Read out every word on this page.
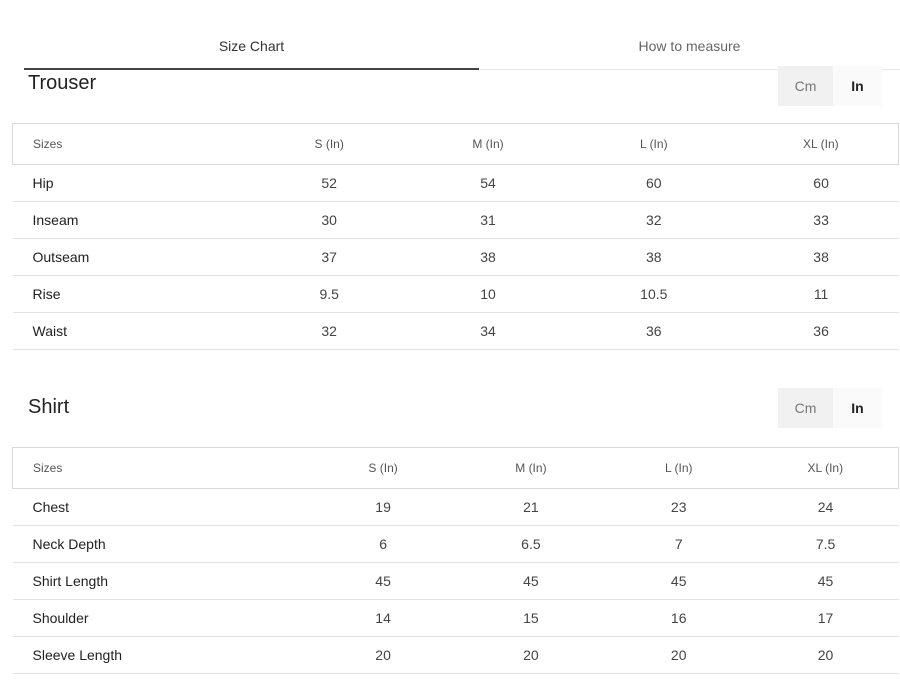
Size Chart	How to measure
Trouser	Cm	In
Sizes	S (In)	M (In)	L (In)	XL (In)
Hip	52	54	60	60
Inseam	30	31	32	33
Outseam	37	38	38	38
Rise	9.5	10	10.5	11
Waist	32	34	36	36
Shirt	Cm	In
Sizes	S (In)	M (In)	L (In)	XL (In)
Chest	19	21	23	24
Neck Depth	6	6.5	7	7.5
Shirt Length	45	45	45	45
Shoulder	14	15	16	17
Sleeve Length	20	20	20	20
